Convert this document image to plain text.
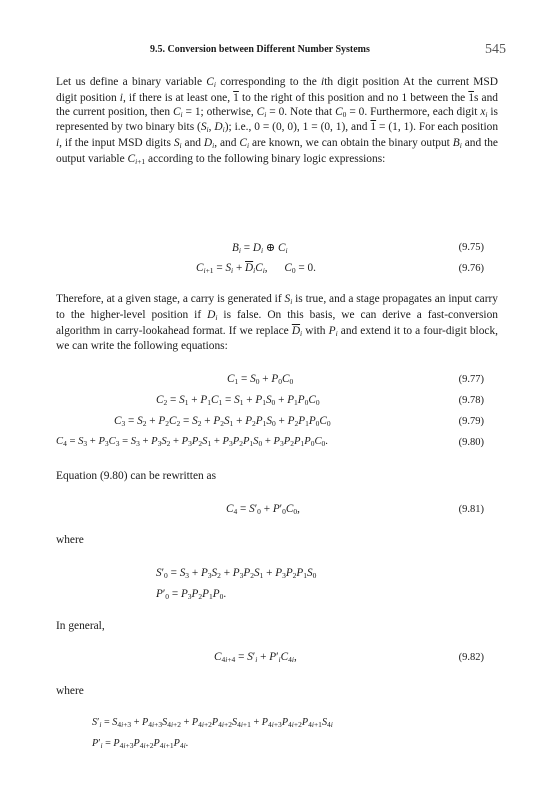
9.5. Conversion between Different Number Systems	545

Let us define a binary variable $C_i$ corresponding to the ith digit position At the current MSD digit position i, if there is at least one, 1 to the right of this position and no 1 between the 1s and the current position, then $C_i = 1$; otherwise, $C_i = 0$. Note that $C_0 = 0$. Furthermore, each digit $x_i$ is represented by two binary bits ($S_i$, $D_i$); i.e., 0 = (0, 0), 1 = (0, 1), and 1 = (1, 1). For each position i, if the input MSD digits $S_i$ and $D_i$, and $C_i$ are known, we can obtain the binary output $B_i$ and the output variable $C_{i+1}$ according to the following binary logic expressions:

$B_i = D_i$ ⊕ $C_i$	(9.75)
$C_{i+1} = S_i + \overline{D}_iC_i$,      $C_0 = 0$.	(9.76)

Therefore, at a given stage, a carry is generated if $S_i$ is true, and a stage propagates an input carry to the higher-level position if $D_i$ is false. On this basis, we can derive a fast-conversion algorithm in carry-lookahead format. If we replace $\overline{D}_i$ with $P_i$ and extend it to a four-digit block, we can write the following equations:

$C_1 = S_0 + P_0C_0$	(9.77)
$C_2 = S_1 + P_1C_1 = S_1 + P_1S_0 + P_1P_0C_0$	(9.78)
$C_3 = S_2 + P_2C_2 = S_2 + P_2S_1 + P_2P_1S_0 + P_2P_1P_0C_0$	(9.79)
$C_4 = S_3 + P_3C_3 = S_3 + P_3S_2 + P_3P_2S_1 + P_3P_2P_1S_0 + P_3P_2P_1P_0C_0$.	(9.80)
Equation (9.80) can be rewritten as
$C_4 = S'_0 + P'_0C_0$,	(9.81)
where
$S'_0 = S_3 + P_3S_2 + P_3P_2S_1 + P_3P_2P_1S_0$
$P'_0 = P_3P_2P_1P_0$.
In general,
$C_{4i+4} = S'_i + P'_iC_{4i}$,	(9.82)
where
$S'_i = S_{4i+3} + P_{4i+3}S_{4i+2} + P_{4i+2}P_{4i+2}S_{4i+1} + P_{4i+3}P_{4i+2}P_{4i+1}S_{4i}$
$P'_i = P_{4i+3}P_{4i+2}P_{4i+1}P_{4i}$.
